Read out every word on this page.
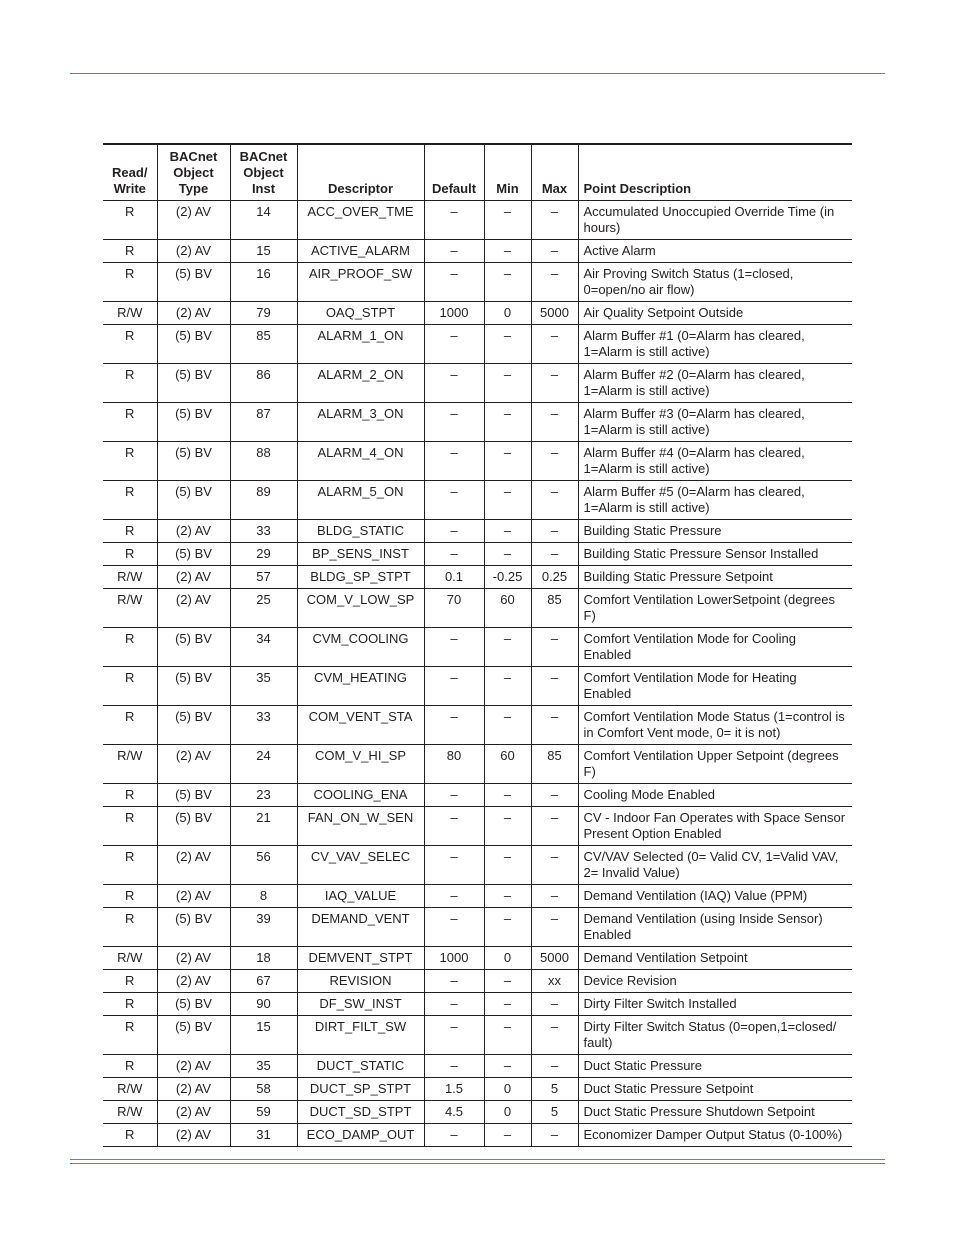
Read/ Write	BACnet Object Type	BACnet Object Inst	Descriptor	Default	Min	Max	Point Description
R	(2) AV	14	ACC_OVER_TME	–	–	–	Accumulated Unoccupied Override Time (in hours)
R	(2) AV	15	ACTIVE_ALARM	–	–	–	Active Alarm
R	(5) BV	16	AIR_PROOF_SW	–	–	–	Air Proving Switch Status (1=closed, 0=open/no air flow)
R/W	(2) AV	79	OAQ_STPT	1000	0	5000	Air Quality Setpoint Outside
R	(5) BV	85	ALARM_1_ON	–	–	–	Alarm Buffer #1 (0=Alarm has cleared, 1=Alarm is still active)
R	(5) BV	86	ALARM_2_ON	–	–	–	Alarm Buffer #2 (0=Alarm has cleared, 1=Alarm is still active)
R	(5) BV	87	ALARM_3_ON	–	–	–	Alarm Buffer #3 (0=Alarm has cleared, 1=Alarm is still active)
R	(5) BV	88	ALARM_4_ON	–	–	–	Alarm Buffer #4 (0=Alarm has cleared, 1=Alarm is still active)
R	(5) BV	89	ALARM_5_ON	–	–	–	Alarm Buffer #5 (0=Alarm has cleared, 1=Alarm is still active)
R	(2) AV	33	BLDG_STATIC	–	–	–	Building Static Pressure
R	(5) BV	29	BP_SENS_INST	–	–	–	Building Static Pressure Sensor Installed
R/W	(2) AV	57	BLDG_SP_STPT	0.1	-0.25	0.25	Building Static Pressure Setpoint
R/W	(2) AV	25	COM_V_LOW_SP	70	60	85	Comfort Ventilation LowerSetpoint (degrees F)
R	(5) BV	34	CVM_COOLING	–	–	–	Comfort Ventilation Mode for Cooling Enabled
R	(5) BV	35	CVM_HEATING	–	–	–	Comfort Ventilation Mode for Heating Enabled
R	(5) BV	33	COM_VENT_STA	–	–	–	Comfort Ventilation Mode Status (1=control is in Comfort Vent mode, 0= it is not)
R/W	(2) AV	24	COM_V_HI_SP	80	60	85	Comfort Ventilation Upper Setpoint (degrees F)
R	(5) BV	23	COOLING_ENA	–	–	–	Cooling Mode Enabled
R	(5) BV	21	FAN_ON_W_SEN	–	–	–	CV - Indoor Fan Operates with Space Sensor Present Option Enabled
R	(2) AV	56	CV_VAV_SELEC	–	–	–	CV/VAV Selected (0= Valid CV, 1=Valid VAV, 2= Invalid Value)
R	(2) AV	8	IAQ_VALUE	–	–	–	Demand Ventilation (IAQ) Value (PPM)
R	(5) BV	39	DEMAND_VENT	–	–	–	Demand Ventilation (using Inside Sensor) Enabled
R/W	(2) AV	18	DEMVENT_STPT	1000	0	5000	Demand Ventilation Setpoint
R	(2) AV	67	REVISION	–	–	xx	Device Revision
R	(5) BV	90	DF_SW_INST	–	–	–	Dirty Filter Switch Installed
R	(5) BV	15	DIRT_FILT_SW	–	–	–	Dirty Filter Switch Status (0=open,1=closed/ fault)
R	(2) AV	35	DUCT_STATIC	–	–	–	Duct Static Pressure
R/W	(2) AV	58	DUCT_SP_STPT	1.5	0	5	Duct Static Pressure Setpoint
R/W	(2) AV	59	DUCT_SD_STPT	4.5	0	5	Duct Static Pressure Shutdown Setpoint
R	(2) AV	31	ECO_DAMP_OUT	–	–	–	Economizer Damper Output Status (0-100%)
